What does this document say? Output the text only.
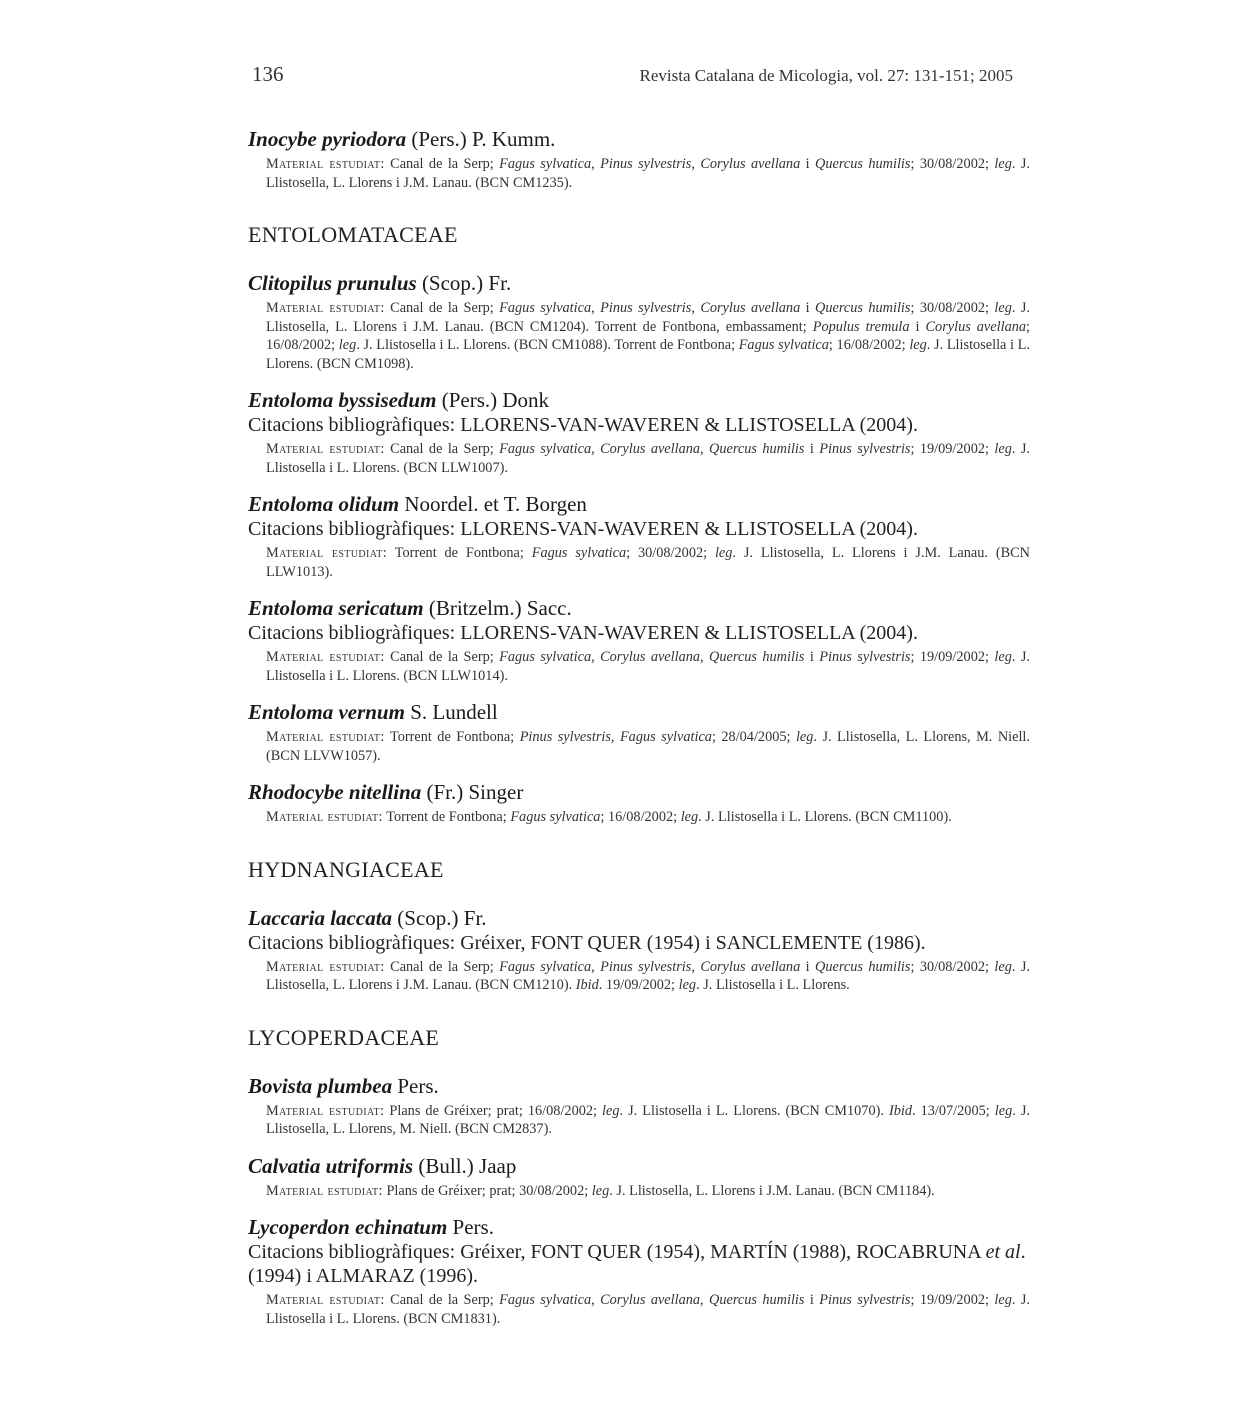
136	Revista Catalana de Micologia, vol. 27: 131-151; 2005
Inocybe pyriodora (Pers.) P. Kumm.
Material estudiat: Canal de la Serp; Fagus sylvatica, Pinus sylvestris, Corylus avellana i Quercus humilis; 30/08/2002; leg. J. Llistosella, L. Llorens i J.M. Lanau. (BCN CM1235).
ENTOLOMATACEAE
Clitopilus prunulus (Scop.) Fr.
Material estudiat: Canal de la Serp; Fagus sylvatica, Pinus sylvestris, Corylus avellana i Quercus humilis; 30/08/2002; leg. J. Llistosella, L. Llorens i J.M. Lanau. (BCN CM1204). Torrent de Fontbona, embassament; Populus tremula i Corylus avellana; 16/08/2002; leg. J. Llistosella i L. Llorens. (BCN CM1088). Torrent de Fontbona; Fagus sylvatica; 16/08/2002; leg. J. Llistosella i L. Llorens. (BCN CM1098).
Entoloma byssisedum (Pers.) Donk
Citacions bibliogràfiques: LLORENS-VAN-WAVEREN & LLISTOSELLA (2004).
Material estudiat: Canal de la Serp; Fagus sylvatica, Corylus avellana, Quercus humilis i Pinus sylvestris; 19/09/2002; leg. J. Llistosella i L. Llorens. (BCN LLW1007).
Entoloma olidum Noordel. et T. Borgen
Citacions bibliogràfiques: LLORENS-VAN-WAVEREN & LLISTOSELLA (2004).
Material estudiat: Torrent de Fontbona; Fagus sylvatica; 30/08/2002; leg. J. Llistosella, L. Llorens i J.M. Lanau. (BCN LLW1013).
Entoloma sericatum (Britzelm.) Sacc.
Citacions bibliogràfiques: LLORENS-VAN-WAVEREN & LLISTOSELLA (2004).
Material estudiat: Canal de la Serp; Fagus sylvatica, Corylus avellana, Quercus humilis i Pinus sylvestris; 19/09/2002; leg. J. Llistosella i L. Llorens. (BCN LLW1014).
Entoloma vernum S. Lundell
Material estudiat: Torrent de Fontbona; Pinus sylvestris, Fagus sylvatica; 28/04/2005; leg. J. Llistosella, L. Llorens, M. Niell. (BCN LLVW1057).
Rhodocybe nitellina (Fr.) Singer
Material estudiat: Torrent de Fontbona; Fagus sylvatica; 16/08/2002; leg. J. Llistosella i L. Llorens. (BCN CM1100).
HYDNANGIACEAE
Laccaria laccata (Scop.) Fr.
Citacions bibliogràfiques: Gréixer, FONT QUER (1954) i SANCLEMENTE (1986).
Material estudiat: Canal de la Serp; Fagus sylvatica, Pinus sylvestris, Corylus avellana i Quercus humilis; 30/08/2002; leg. J. Llistosella, L. Llorens i J.M. Lanau. (BCN CM1210). Ibid. 19/09/2002; leg. J. Llistosella i L. Llorens.
LYCOPERDACEAE
Bovista plumbea Pers.
Material estudiat: Plans de Gréixer; prat; 16/08/2002; leg. J. Llistosella i L. Llorens. (BCN CM1070). Ibid. 13/07/2005; leg. J. Llistosella, L. Llorens, M. Niell. (BCN CM2837).
Calvatia utriformis (Bull.) Jaap
Material estudiat: Plans de Gréixer; prat; 30/08/2002; leg. J. Llistosella, L. Llorens i J.M. Lanau. (BCN CM1184).
Lycoperdon echinatum Pers.
Citacions bibliogràfiques: Gréixer, FONT QUER (1954), MARTÍN (1988), ROCABRUNA et al. (1994) i ALMARAZ (1996).
Material estudiat: Canal de la Serp; Fagus sylvatica, Corylus avellana, Quercus humilis i Pinus sylvestris; 19/09/2002; leg. J. Llistosella i L. Llorens. (BCN CM1831).
